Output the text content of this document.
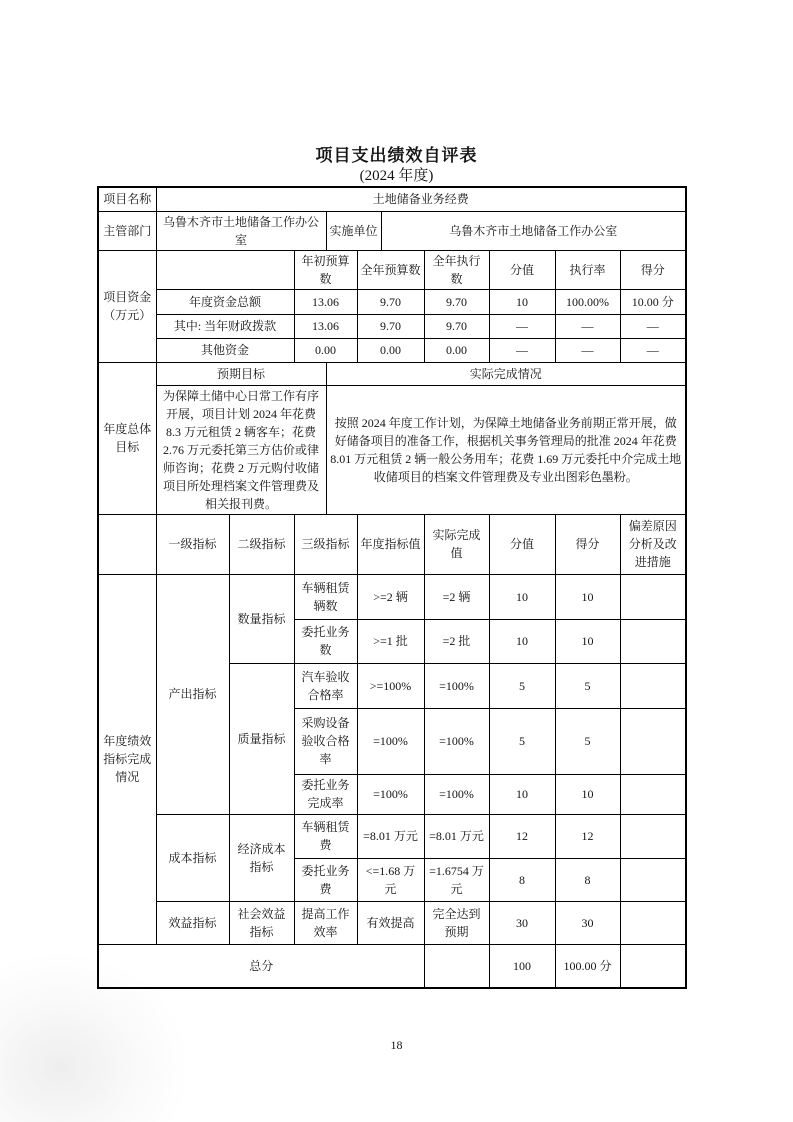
项目支出绩效自评表
(2024 年度)
项目名称	土地储备业务经费									
主管部门	乌鲁木齐市土地储备工作办公室			实施单位		乌鲁木齐市土地储备工作办公室				
项目资金（万元）			年初预算数		全年预算数		全年执行数	分值	执行率	得分
	年度资金总额		13.06		9.70		9.70	10	100.00%	10.00 分
	其中: 当年财政拨款		13.06		9.70		9.70	—	—	—
	其他资金		0.00		0.00		0.00	—	—	—
年度总体目标	预期目标			实际完成情况						
	为保障土储中心日常工作有序开展，项目计划 2024 年花费 8.3 万元租赁 2 辆客车；花费 2.76 万元委托第三方估价或律师咨询；花费 2 万元购付收储项目所处理档案文件管理费及相关报刊费。			按照 2024 年度工作计划，为保障土地储备业务前期正常开展，做好储备项目的准备工作，根据机关事务管理局的批准 2024 年花费 8.01 万元租赁 2 辆一般公务用车；花费 1.69 万元委托中介完成土地收储项目的档案文件管理费及专业出图彩色墨粉。						
	一级指标	二级指标	三级指标		年度指标值		实际完成值	分值	得分	偏差原因分析及改进措施
年度绩效指标完成情况	产出指标	数量指标	车辆租赁辆数		>=2 辆		=2 辆	10	10	
			委托业务数		>=1 批		=2 批	10	10	
		质量指标	汽车验收合格率		>=100%		=100%	5	5	
			采购设备验收合格率		=100%		=100%	5	5	
			委托业务完成率		=100%		=100%	10	10	
	成本指标	经济成本指标	车辆租赁费		=8.01 万元		=8.01 万元	12	12	
			委托业务费		<=1.68 万元		=1.6754 万元	8	8	
	效益指标	社会效益指标	提高工作效率		有效提高		完全达到预期	30	30	
总分								100	100.00 分	
18
